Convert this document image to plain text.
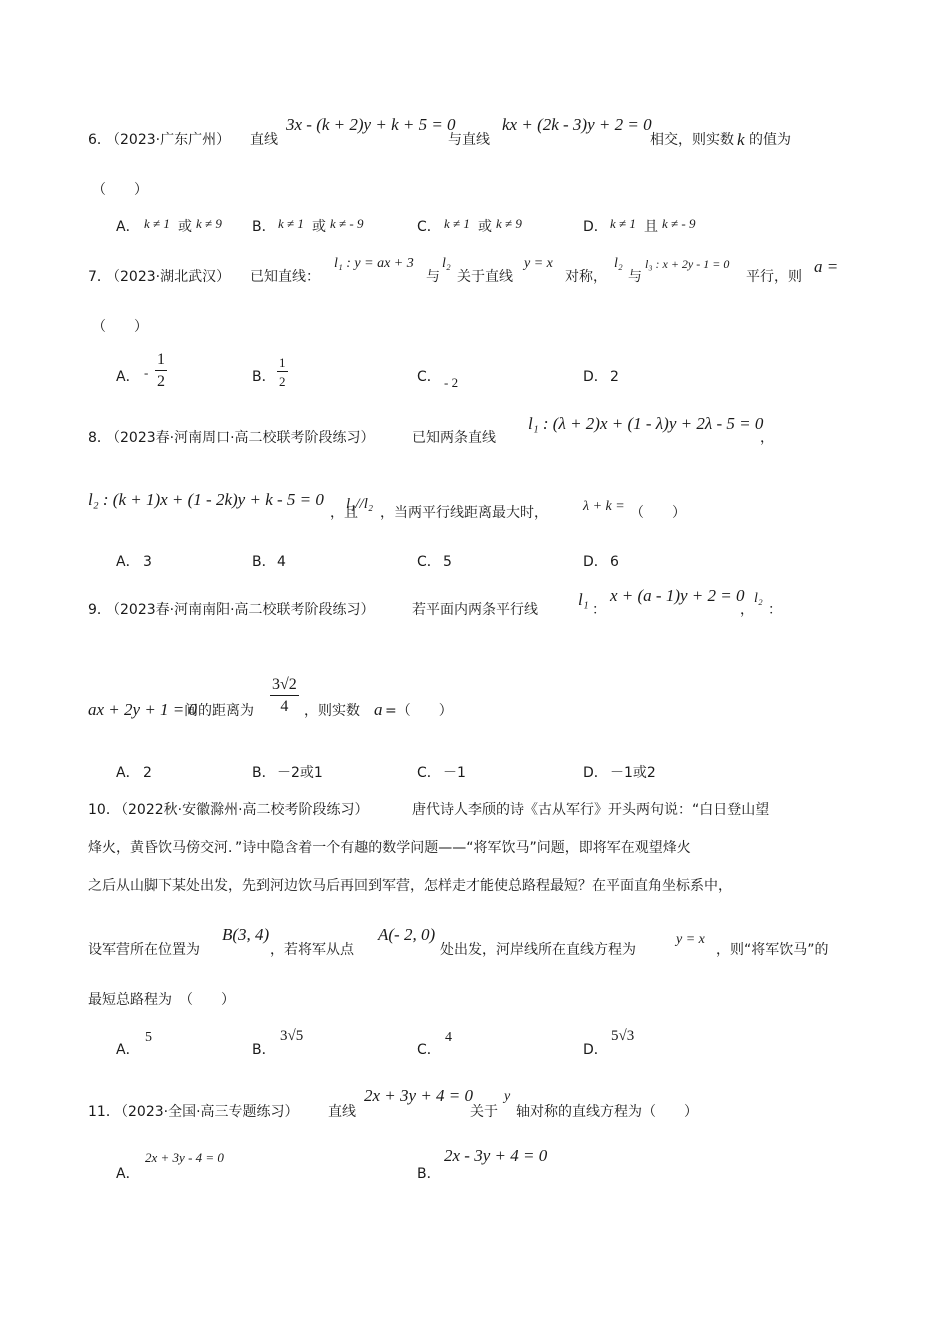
6．
（2023·广东广州） 直线
3x - (k + 2)y + k + 5 = 0
与直线
kx + (2k - 3)y + 2 = 0
相交，则实数 k 的值为
（　　）
A． k ≠ 1 或 k ≠ 9 B． k ≠ 1 或 k ≠ - 9	C． k ≠ 1 或 k ≠ 9	D． k ≠ 1 且 k ≠ - 9
7．
（2023·湖北武汉） 已知直线：
l₁ : y = ax + 3
与
l₂
关于直线
y = x
对称，
l₂
与
l₃ : x + 2y - 1 = 0
平行，则
a =
（　　）
A． - $\frac{1}{2}$	B． $\frac{1}{2}$	C． - 2	D． 2
8．
（2023春·河南周口·高二校联考阶段练习）	已知两条直线
l₁ : (λ + 2)x + (1 - λ)y + 2λ - 5 = 0
，
l₂ : (k + 1)x + (1 - 2k)y + k - 5 = 0
，且
l₁//l₂
，当两平行线距离最大时，	λ + k = （　　）
A． 3	B． 4	C． 5	D． 6
9．
（2023春·河南南阳·高二校联考阶段练习）	若平面内两条平行线
l₁
：
x + (a - 1)y + 2 = 0
，
l₂
：
ax + 2y + 1 = 0
间的距离为 $\frac{3√2}{4}$ ，则实数 a =（　　）
A． 2	B． －2或1	C． －1	D． －1或2
10．
（2022秋·安徽滁州·高二校考阶段练习）	唐代诗人李颀的诗《古从军行》开头两句说：“白日登山望
烽火，黄昏饮马傍交河．”诗中隐含着一个有趣的数学问题——“将军饮马”问题，即将军在观望烽火
之后从山脚下某处出发，先到河边饮马后再回到军营，怎样走才能使总路程最短？在平面直角坐标系中，
设军营所在位置为
B(3, 4)
，若将军从点
A(- 2, 0)
处出发，河岸线所在直线方程为
y = x
，则“将军饮马”的
最短总路程为　（　　）
A．
5
B．
3√5
C．
4
D．
5√3
11．
（2023·全国·高三专题练习） 直线
2x + 3y + 4 = 0
关于
y
轴对称的直线方程为（　　）
A．
2x + 3y - 4 = 0
B．
2x - 3y + 4 = 0
